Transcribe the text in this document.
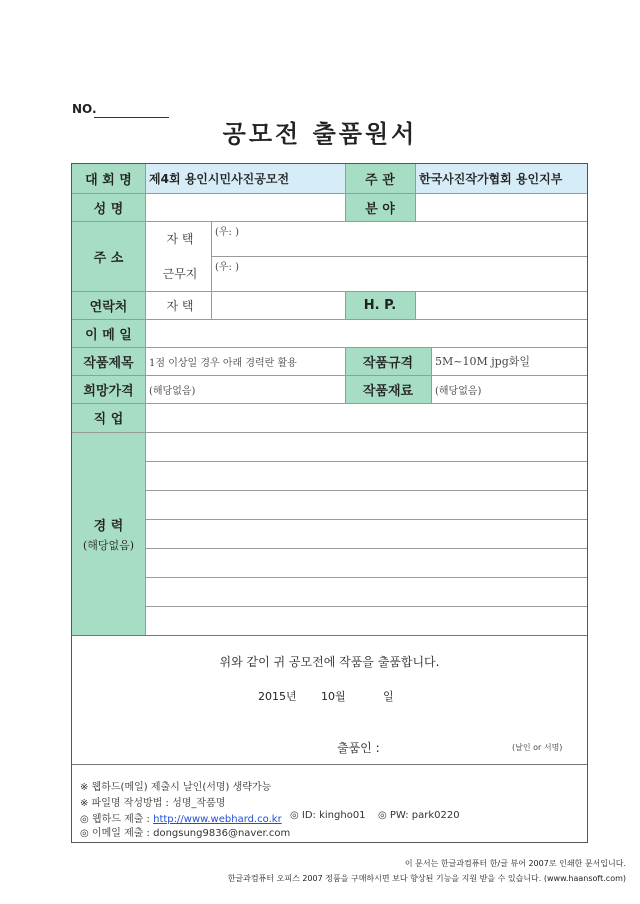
NO.
공모전 출품원서
대 회 명	제4회 용인시민사진공모전	주 관	한국사진작가협회 용인지부
성 명	분 야
주 소
자 택	(우: )
근무지	(우: )
연락처	자 택	H. P.
이 메 일
작품제목	1점 이상일 경우 아래 경력란 활용	작품규격	5M~10M jpg화일
희망가격	(해당없음)	작품재료	(해당없음)
직 업
경 력
(해당없음)
위와 같이 귀 공모전에 작품을 출품합니다.
2015년 10월	일
출품인 :	(날인 or 서명)
※ 웹하드(메일) 제출시 날인(서명) 생략가능
※ 파일명 작성방법 : 성명_작품명
◎ 웹하드 제출 : http://www.webhard.co.kr ◎ ID: kingho01 ◎ PW: park0220
◎ 이메일 제출 : dongsung9836@naver.com
이 문서는 한글과컴퓨터 한/글 뷰어 2007로 인쇄한 문서입니다.
한글과컴퓨터 오피스 2007 정품을 구매하시면 보다 향상된 기능을 지원 받을 수 있습니다. (www.haansoft.com)
